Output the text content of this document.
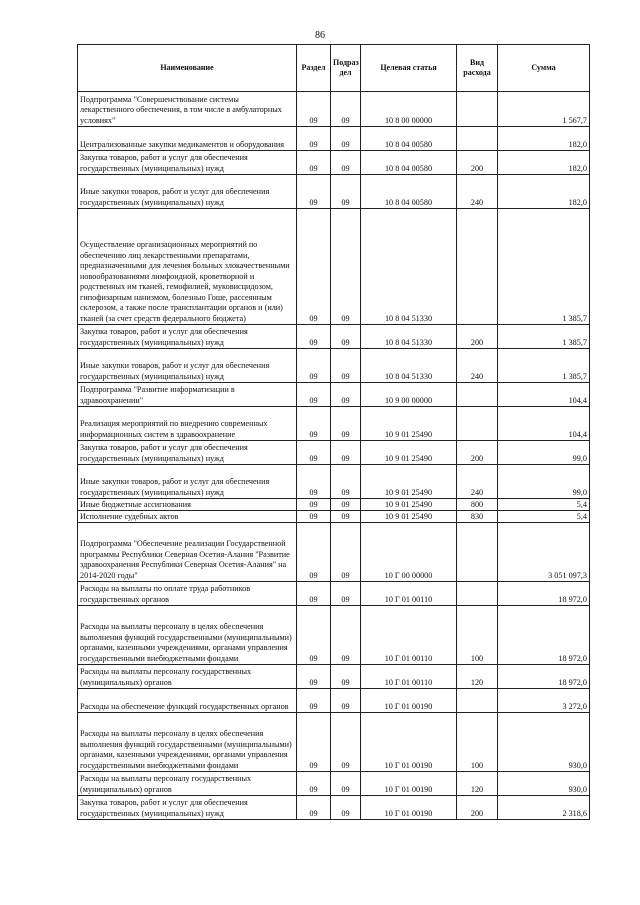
86
Наименование	Раздел	Подраз дел	Целевая статья	Вид расхода	Сумма
Подпрограмма "Совершенствование системы лекарственного обеспечения, в том числе в амбулаторных условиях"	09	09	10 8 00 00000		1 567,7
Централизованные закупки медикаментов и оборудования	09	09	10 8 04 00580		182,0
Закупка товаров, работ и услуг для обеспечения государственных (муниципальных) нужд	09	09	10 8 04 00580	200	182,0
Иные закупки товаров, работ и услуг для обеспечения государственных (муниципальных) нужд	09	09	10 8 04 00580	240	182,0
Осуществление организационных мероприятий по обеспечению лиц лекарственными препаратами, предназначенными для лечения больных злокачественными новообразованиями лимфоидной, кроветворной и родственных им тканей, гемофилией, муковисцидозом, гипофизарным нанизмом, болезнью Гоше, рассеянным склерозом, а также после трансплантации органов и (или) тканей (за счет средств федерального бюджета)	09	09	10 8 04 51330		1 385,7
Закупка товаров, работ и услуг для обеспечения государственных (муниципальных) нужд	09	09	10 8 04 51330	200	1 385,7
Иные закупки товаров, работ и услуг для обеспечения государственных (муниципальных) нужд	09	09	10 8 04 51330	240	1 385,7
Подпрограмма "Развитие информатизации в здравоохранении"	09	09	10 9 00 00000		104,4
Реализация мероприятий по внедрению современных информационных систем в здравоохранение	09	09	10 9 01 25490		104,4
Закупка товаров, работ и услуг для обеспечения государственных (муниципальных) нужд	09	09	10 9 01 25490	200	99,0
Иные закупки товаров, работ и услуг для обеспечения государственных (муниципальных) нужд	09	09	10 9 01 25490	240	99,0
Иные бюджетные ассигнования	09	09	10 9 01 25490	800	5,4
Исполнение судебных актов	09	09	10 9 01 25490	830	5,4
Подпрограмма "Обеспечение реализации Государственной программы Республики Северная Осетия-Алания "Развитие здравоохранения Республики Северная Осетия-Алания" на 2014-2020 годы"	09	09	10 Г 00 00000		3 051 097,3
Расходы на выплаты по оплате труда работников государственных органов	09	09	10 Г 01 00110		18 972,0
Расходы на выплаты персоналу в целях обеспечения выполнения функций государственными (муниципальными) органами, казенными учреждениями, органами управления государственными внебюджетными фондами	09	09	10 Г 01 00110	100	18 972,0
Расходы на выплаты персоналу государственных (муниципальных) органов	09	09	10 Г 01 00110	120	18 972,0
Расходы на обеспечение функций государственных органов	09	09	10 Г 01 00190		3 272,0
Расходы на выплаты персоналу в целях обеспечения выполнения функций государственными (муниципальными) органами, казенными учреждениями, органами управления государственными внебюджетными фондами	09	09	10 Г 01 00190	100	930,0
Расходы на выплаты персоналу государственных (муниципальных) органов	09	09	10 Г 01 00190	120	930,0
Закупка товаров, работ и услуг для обеспечения государственных (муниципальных) нужд	09	09	10 Г 01 00190	200	2 318,6
